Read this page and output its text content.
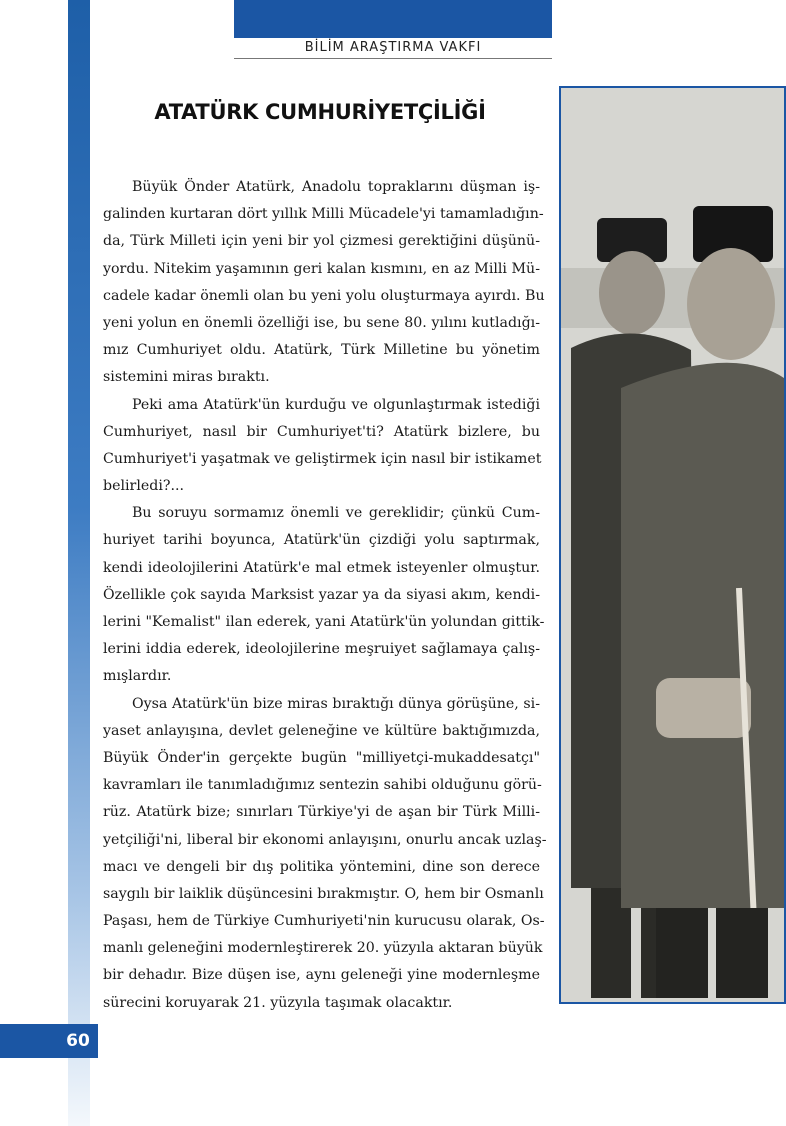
BİLİM ARAŞTIRMA VAKFI
ATATÜRK CUMHURİYETÇİLİĞİ
Büyük Önder Atatürk, Anadolu topraklarını düşman iş-
galinden kurtaran dört yıllık Milli Mücadele'yi tamamladığın-
da, Türk Milleti için yeni bir yol çizmesi gerektiğini düşünü-
yordu. Nitekim yaşamının geri kalan kısmını, en az Milli Mü-
cadele kadar önemli olan bu yeni yolu oluşturmaya ayırdı. Bu
yeni yolun en önemli özelliği ise, bu sene 80. yılını kutladığı-
mız Cumhuriyet oldu. Atatürk, Türk Milletine bu yönetim
sistemini miras bıraktı.
Peki ama Atatürk'ün kurduğu ve olgunlaştırmak istediği
Cumhuriyet, nasıl bir Cumhuriyet'ti? Atatürk bizlere, bu
Cumhuriyet'i yaşatmak ve geliştirmek için nasıl bir istikamet
belirledi?...
Bu soruyu sormamız önemli ve gereklidir; çünkü Cum-
huriyet tarihi boyunca, Atatürk'ün çizdiği yolu saptırmak,
kendi ideolojilerini Atatürk'e mal etmek isteyenler olmuştur.
Özellikle çok sayıda Marksist yazar ya da siyasi akım, kendi-
lerini "Kemalist" ilan ederek, yani Atatürk'ün yolundan gittik-
lerini iddia ederek, ideolojilerine meşruiyet sağlamaya çalış-
mışlardır.
Oysa Atatürk'ün bize miras bıraktığı dünya görüşüne, si-
yaset anlayışına, devlet geleneğine ve kültüre baktığımızda,
Büyük Önder'in gerçekte bugün "milliyetçi-mukaddesatçı"
kavramları ile tanımladığımız sentezin sahibi olduğunu görü-
rüz. Atatürk bize; sınırları Türkiye'yi de aşan bir Türk Milli-
yetçiliği'ni, liberal bir ekonomi anlayışını, onurlu ancak uzlaş-
macı ve dengeli bir dış politika yöntemini, dine son derece
saygılı bir laiklik düşüncesini bırakmıştır. O, hem bir Osmanlı
Paşası, hem de Türkiye Cumhuriyeti'nin kurucusu olarak, Os-
manlı geleneğini modernleştirerek 20. yüzyıla aktaran büyük
bir dehadır. Bize düşen ise, aynı geleneği yine modernleşme
sürecini koruyarak 21. yüzyıla taşımak olacaktır.
60
